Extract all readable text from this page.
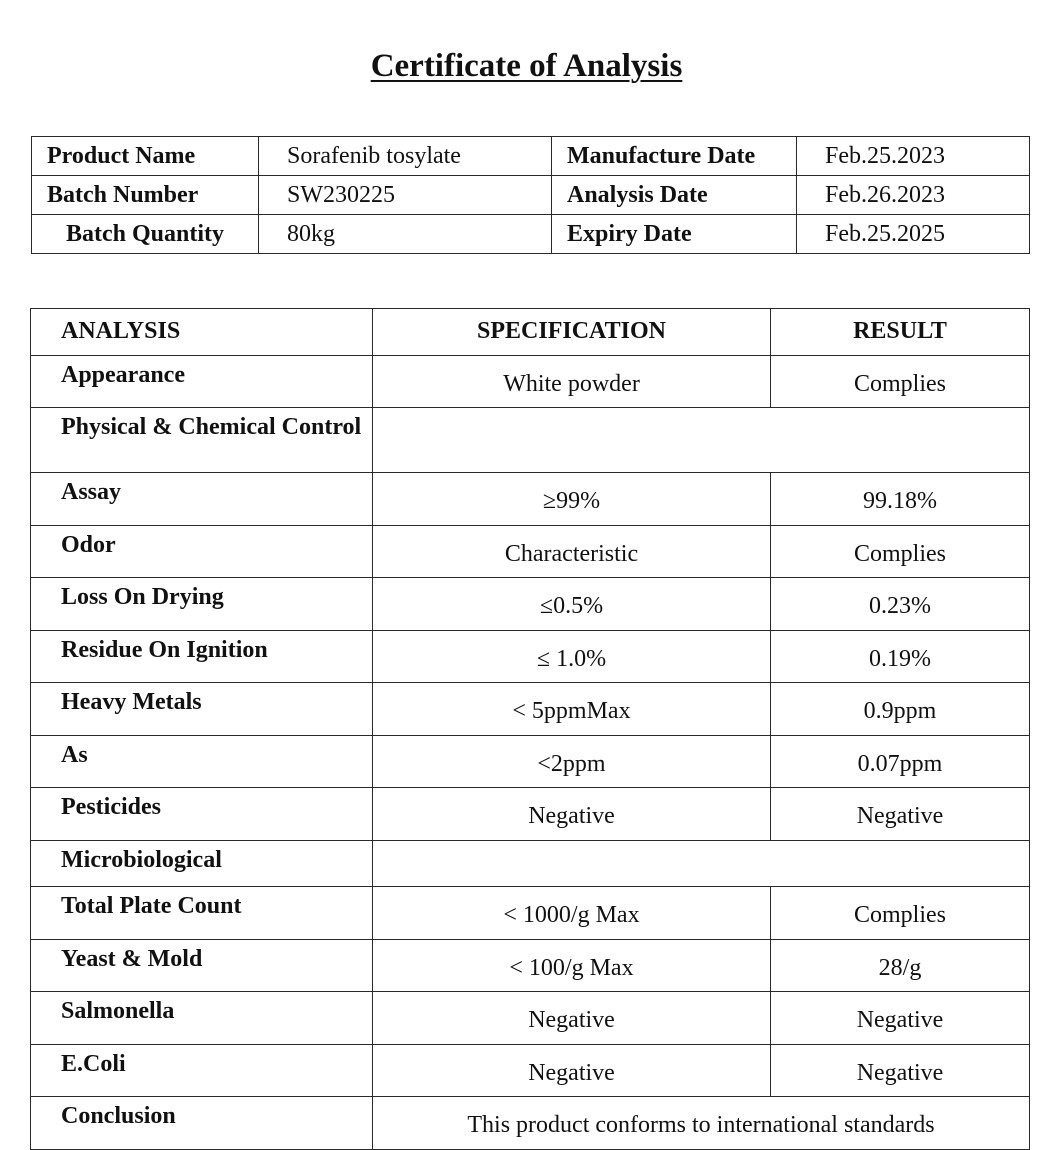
Certificate of Analysis
Product Name	Sorafenib tosylate	Manufacture Date	Feb.25.2023
Batch Number	SW230225	Analysis Date	Feb.26.2023
Batch Quantity	80kg	Expiry Date	Feb.25.2025
ANALYSIS	SPECIFICATION	RESULT
Appearance	White powder	Complies
Physical & Chemical Control		
Assay	≥99%	99.18%
Odor	Characteristic	Complies
Loss On Drying	≤0.5%	0.23%
Residue On Ignition	≤ 1.0%	0.19%
Heavy Metals	< 5ppmMax	0.9ppm
As	<2ppm	0.07ppm
Pesticides	Negative	Negative
Microbiological		
Total Plate Count	< 1000/g Max	Complies
Yeast & Mold	< 100/g Max	28/g
Salmonella	Negative	Negative
E.Coli	Negative	Negative
Conclusion	This product conforms to international standards	
